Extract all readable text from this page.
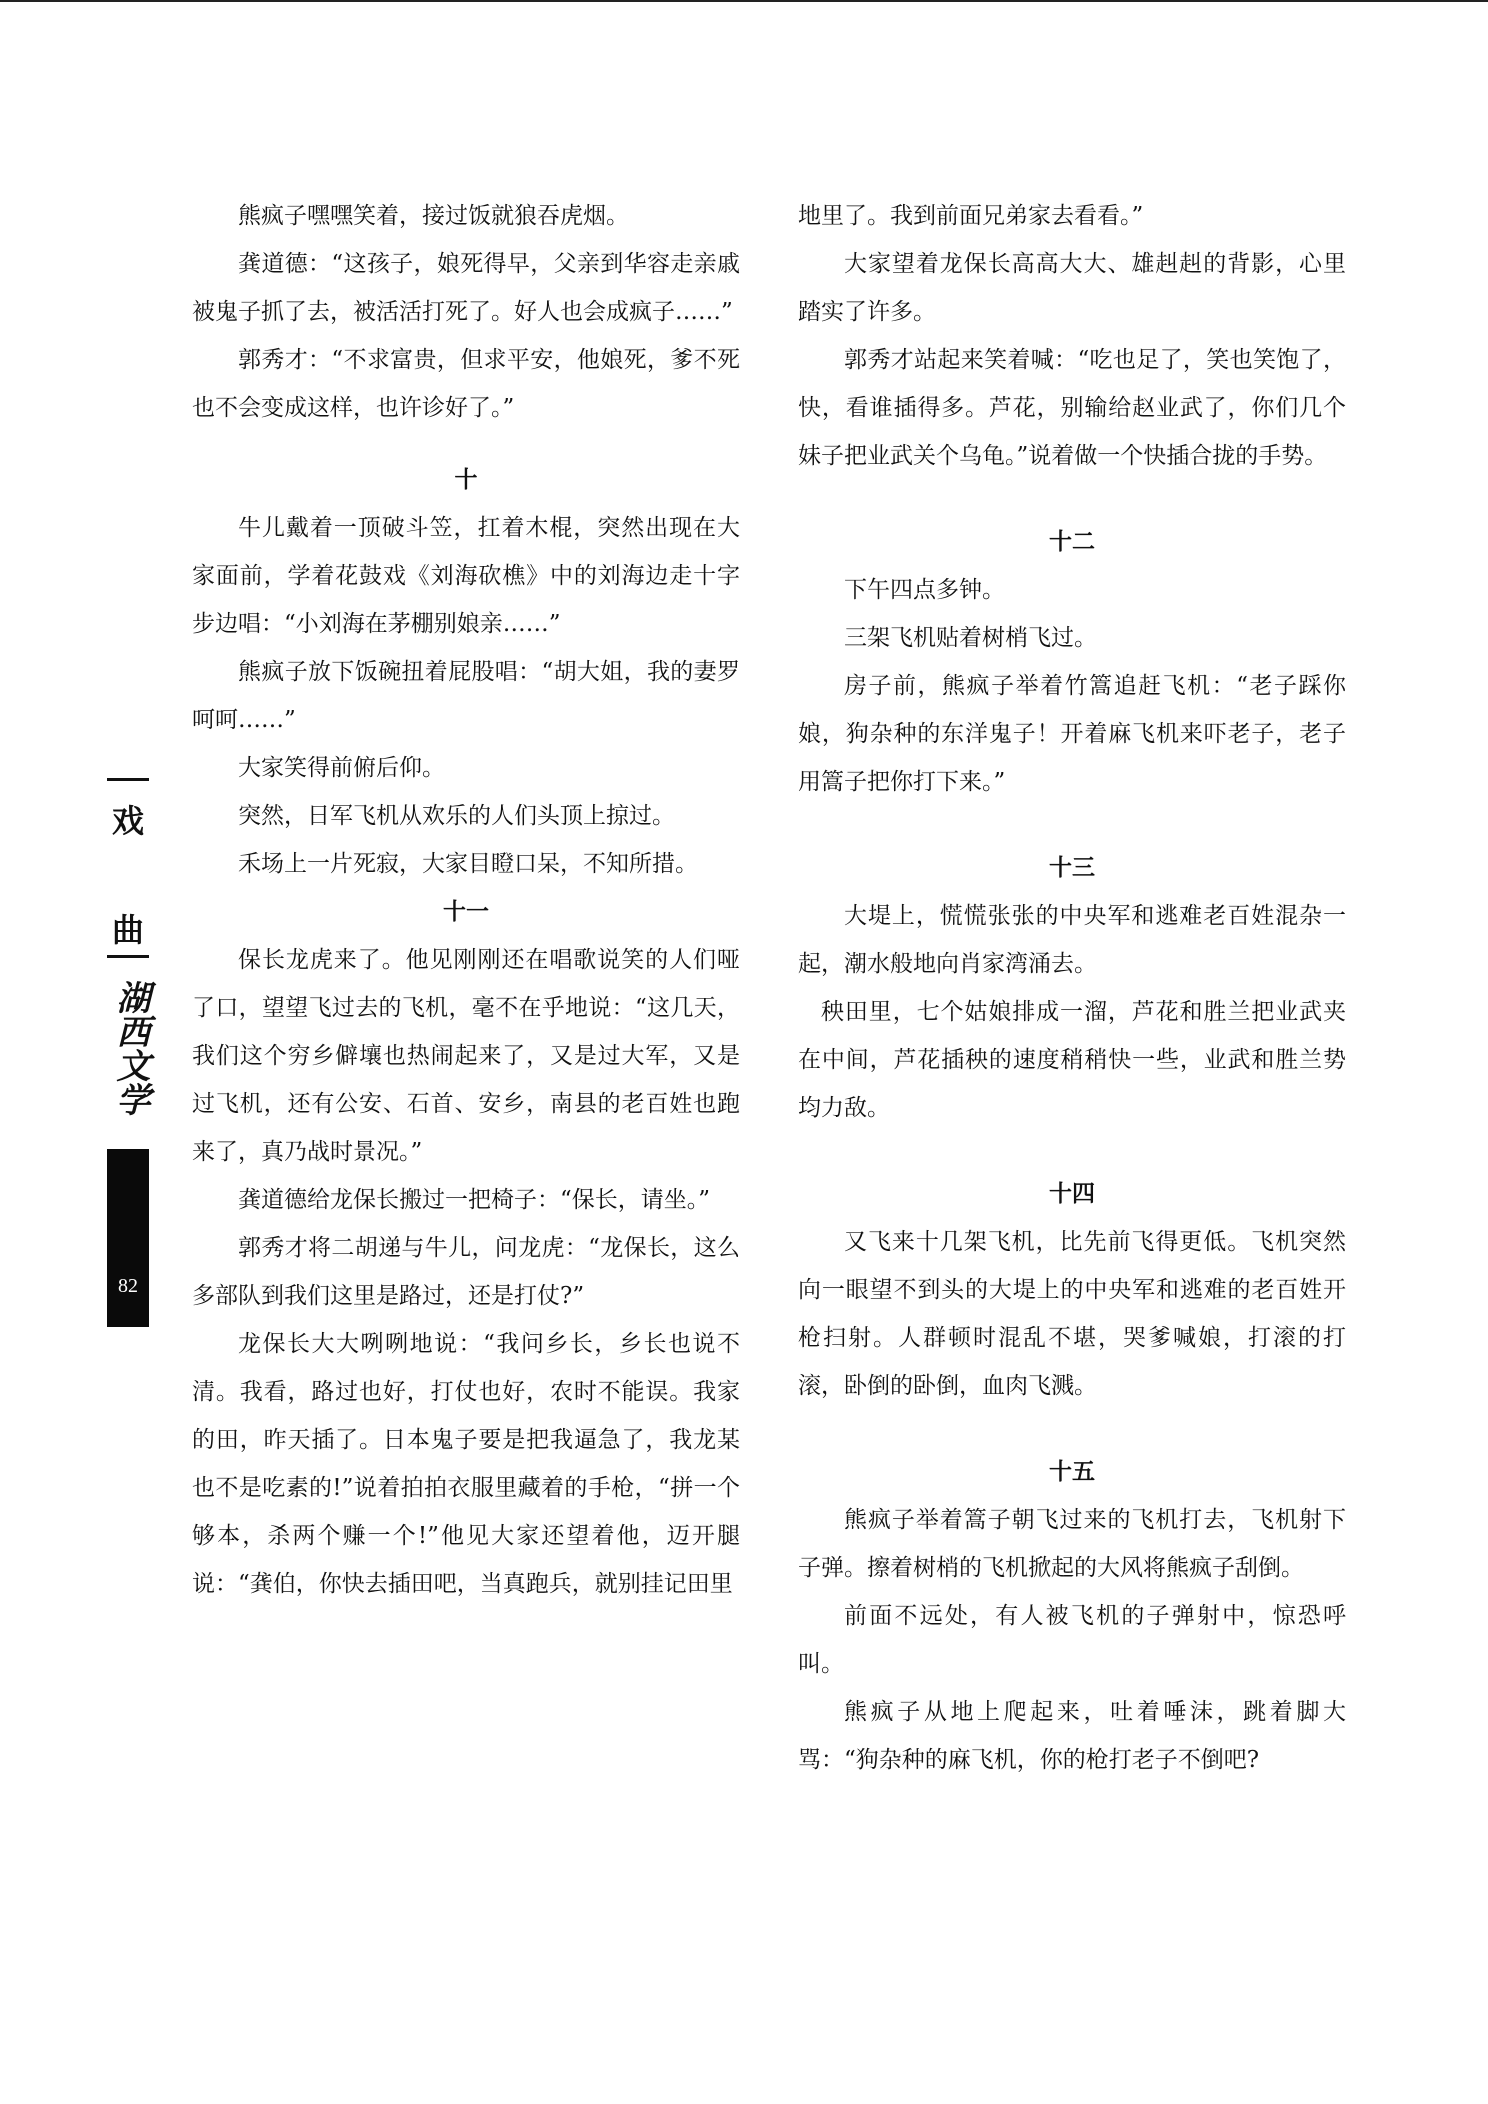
戏
曲
湖西文学
82

熊疯子嘿嘿笑着，接过饭就狼吞虎烟。

龚道德：“这孩子，娘死得早，父亲到华容走亲戚被鬼子抓了去，被活活打死了。好人也会成疯子……”

郭秀才：“不求富贵，但求平安，他娘死，爹不死也不会变成这样，也许诊好了。”

十

牛儿戴着一顶破斗笠，扛着木棍，突然出现在大家面前，学着花鼓戏《刘海砍樵》中的刘海边走十字步边唱：“小刘海在茅棚别娘亲……”

熊疯子放下饭碗扭着屁股唱：“胡大姐，我的妻罗呵呵……”

大家笑得前俯后仰。

突然，日军飞机从欢乐的人们头顶上掠过。

禾场上一片死寂，大家目瞪口呆，不知所措。

十一

保长龙虎来了。他见刚刚还在唱歌说笑的人们哑了口，望望飞过去的飞机，毫不在乎地说：“这几天，我们这个穷乡僻壤也热闹起来了，又是过大军，又是过飞机，还有公安、石首、安乡，南县的老百姓也跑来了，真乃战时景况。”

龚道德给龙保长搬过一把椅子：“保长，请坐。”

郭秀才将二胡递与牛儿，问龙虎：“龙保长，这么多部队到我们这里是路过，还是打仗?”

龙保长大大咧咧地说：“我问乡长，乡长也说不清。我看，路过也好，打仗也好，农时不能误。我家的田，昨天插了。日本鬼子要是把我逼急了，我龙某也不是吃素的!”说着拍拍衣服里藏着的手枪，“拼一个够本，杀两个赚一个!”他见大家还望着他，迈开腿说：“龚伯，你快去插田吧，当真跑兵，就别挂记田里

地里了。我到前面兄弟家去看看。”

大家望着龙保长高高大大、雄赳赳的背影，心里踏实了许多。

郭秀才站起来笑着喊：“吃也足了，笑也笑饱了，快，看谁插得多。芦花，别输给赵业武了，你们几个妹子把业武关个乌龟。”说着做一个快插合拢的手势。

十二

下午四点多钟。

三架飞机贴着树梢飞过。

房子前，熊疯子举着竹篙追赶飞机：“老子踩你娘，狗杂种的东洋鬼子！开着麻飞机来吓老子，老子用篙子把你打下来。”

十三

大堤上，慌慌张张的中央军和逃难老百姓混杂一起，潮水般地向肖家湾涌去。

秧田里，七个姑娘排成一溜，芦花和胜兰把业武夹在中间，芦花插秧的速度稍稍快一些，业武和胜兰势均力敌。

十四

又飞来十几架飞机，比先前飞得更低。飞机突然向一眼望不到头的大堤上的中央军和逃难的老百姓开枪扫射。人群顿时混乱不堪，哭爹喊娘，打滚的打滚，卧倒的卧倒，血肉飞溅。

十五

熊疯子举着篙子朝飞过来的飞机打去，飞机射下子弹。擦着树梢的飞机掀起的大风将熊疯子刮倒。

前面不远处，有人被飞机的子弹射中，惊恐呼叫。

熊疯子从地上爬起来，吐着唾沫，跳着脚大骂：“狗杂种的麻飞机，你的枪打老子不倒吧?
